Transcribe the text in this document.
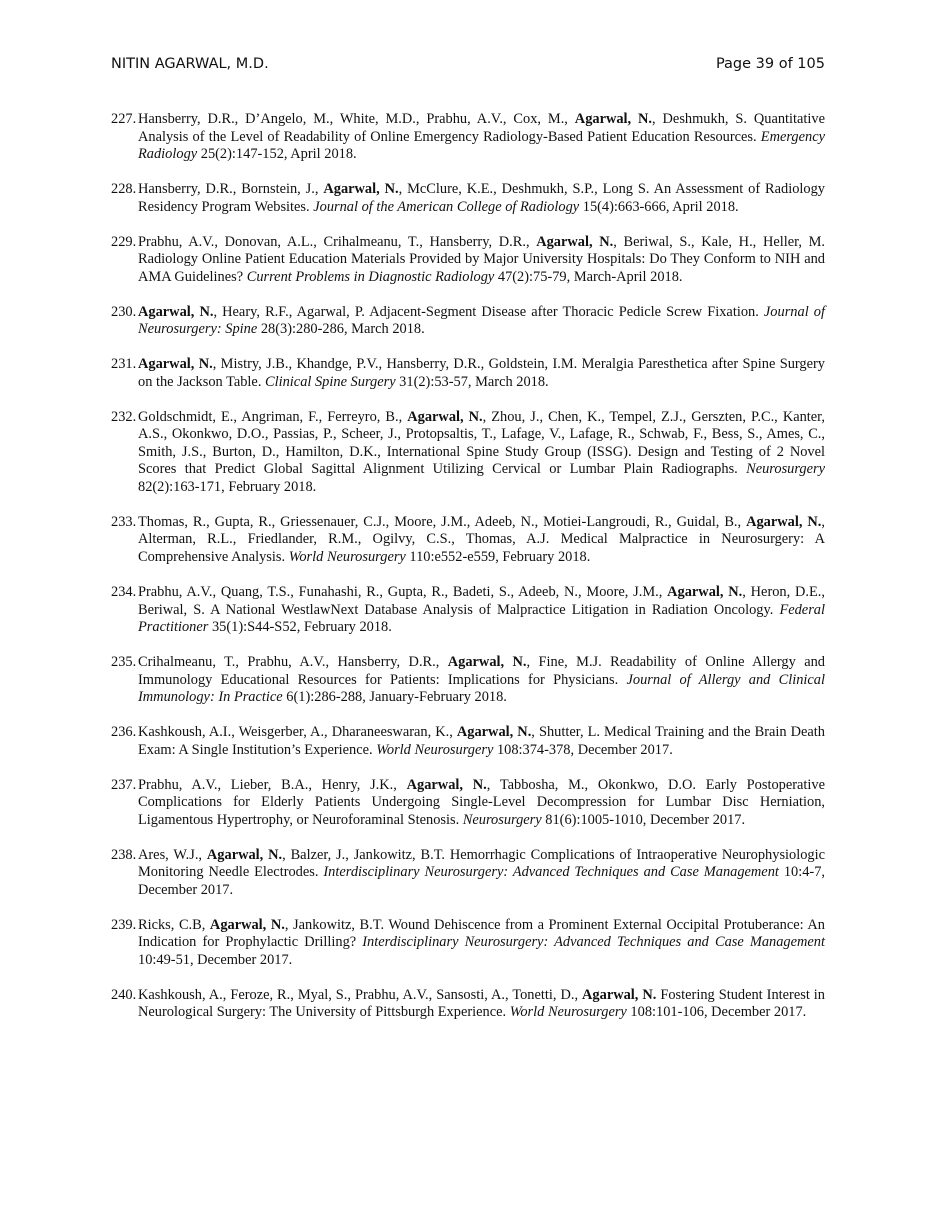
NITIN AGARWAL, M.D.	Page 39 of 105
227. Hansberry, D.R., D’Angelo, M., White, M.D., Prabhu, A.V., Cox, M., Agarwal, N., Deshmukh, S. Quantitative Analysis of the Level of Readability of Online Emergency Radiology-Based Patient Education Resources. Emergency Radiology 25(2):147-152, April 2018.
228. Hansberry, D.R., Bornstein, J., Agarwal, N., McClure, K.E., Deshmukh, S.P., Long S. An Assessment of Radiology Residency Program Websites. Journal of the American College of Radiology 15(4):663-666, April 2018.
229. Prabhu, A.V., Donovan, A.L., Crihalmeanu, T., Hansberry, D.R., Agarwal, N., Beriwal, S., Kale, H., Heller, M. Radiology Online Patient Education Materials Provided by Major University Hospitals: Do They Conform to NIH and AMA Guidelines? Current Problems in Diagnostic Radiology 47(2):75-79, March-April 2018.
230. Agarwal, N., Heary, R.F., Agarwal, P. Adjacent-Segment Disease after Thoracic Pedicle Screw Fixation. Journal of Neurosurgery: Spine 28(3):280-286, March 2018.
231. Agarwal, N., Mistry, J.B., Khandge, P.V., Hansberry, D.R., Goldstein, I.M. Meralgia Paresthetica after Spine Surgery on the Jackson Table. Clinical Spine Surgery 31(2):53-57, March 2018.
232. Goldschmidt, E., Angriman, F., Ferreyro, B., Agarwal, N., Zhou, J., Chen, K., Tempel, Z.J., Gerszten, P.C., Kanter, A.S., Okonkwo, D.O., Passias, P., Scheer, J., Protopsaltis, T., Lafage, V., Lafage, R., Schwab, F., Bess, S., Ames, C., Smith, J.S., Burton, D., Hamilton, D.K., International Spine Study Group (ISSG). Design and Testing of 2 Novel Scores that Predict Global Sagittal Alignment Utilizing Cervical or Lumbar Plain Radiographs. Neurosurgery 82(2):163-171, February 2018.
233. Thomas, R., Gupta, R., Griessenauer, C.J., Moore, J.M., Adeeb, N., Motiei-Langroudi, R., Guidal, B., Agarwal, N., Alterman, R.L., Friedlander, R.M., Ogilvy, C.S., Thomas, A.J. Medical Malpractice in Neurosurgery: A Comprehensive Analysis. World Neurosurgery 110:e552-e559, February 2018.
234. Prabhu, A.V., Quang, T.S., Funahashi, R., Gupta, R., Badeti, S., Adeeb, N., Moore, J.M., Agarwal, N., Heron, D.E., Beriwal, S. A National WestlawNext Database Analysis of Malpractice Litigation in Radiation Oncology. Federal Practitioner 35(1):S44-S52, February 2018.
235. Crihalmeanu, T., Prabhu, A.V., Hansberry, D.R., Agarwal, N., Fine, M.J. Readability of Online Allergy and Immunology Educational Resources for Patients: Implications for Physicians. Journal of Allergy and Clinical Immunology: In Practice 6(1):286-288, January-February 2018.
236. Kashkoush, A.I., Weisgerber, A., Dharaneeswaran, K., Agarwal, N., Shutter, L. Medical Training and the Brain Death Exam: A Single Institution’s Experience. World Neurosurgery 108:374-378, December 2017.
237. Prabhu, A.V., Lieber, B.A., Henry, J.K., Agarwal, N., Tabbosha, M., Okonkwo, D.O. Early Postoperative Complications for Elderly Patients Undergoing Single-Level Decompression for Lumbar Disc Herniation, Ligamentous Hypertrophy, or Neuroforaminal Stenosis. Neurosurgery 81(6):1005-1010, December 2017.
238. Ares, W.J., Agarwal, N., Balzer, J., Jankowitz, B.T. Hemorrhagic Complications of Intraoperative Neurophysiologic Monitoring Needle Electrodes. Interdisciplinary Neurosurgery: Advanced Techniques and Case Management 10:4-7, December 2017.
239. Ricks, C.B, Agarwal, N., Jankowitz, B.T. Wound Dehiscence from a Prominent External Occipital Protuberance: An Indication for Prophylactic Drilling? Interdisciplinary Neurosurgery: Advanced Techniques and Case Management 10:49-51, December 2017.
240. Kashkoush, A., Feroze, R., Myal, S., Prabhu, A.V., Sansosti, A., Tonetti, D., Agarwal, N. Fostering Student Interest in Neurological Surgery: The University of Pittsburgh Experience. World Neurosurgery 108:101-106, December 2017.
